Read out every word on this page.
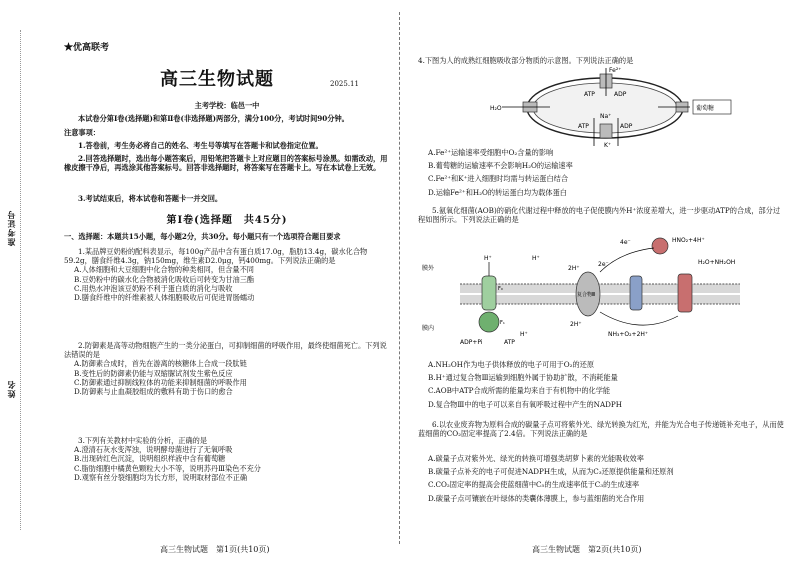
准考证号
姓名
★优高联考
高三生物试题	2025.11
主考学校：临邑一中
本试卷分第Ⅰ卷(选择题)和第Ⅱ卷(非选择题)两部分，满分100分，考试时间90分钟。
注意事项：
1.答卷前，考生务必将自己的姓名、考生号等填写在答题卡和试卷指定位置。
2.回答选择题时，选出每小题答案后，用铅笔把答题卡上对应题目的答案标号涂黑。如需改动，用橡皮擦干净后，再选涂其他答案标号。回答非选择题时，将答案写在答题卡上。写在本试卷上无效。
3.考试结束后，将本试卷和答题卡一并交回。
第Ⅰ卷(选择题　共45分)
一、选择题：本题共15小题，每小题2分，共30分。每小题只有一个选项符合题目要求

1.某品牌豆奶粉的配料表显示，每100g产品中含有蛋白质17.0g，脂肪13.4g，碳水化合物59.2g，膳食纤维4.3g，钠150mg，维生素D2.0μg，钙400mg。下列说法正确的是

A.人体细胞和大豆细胞中化合物的种类相同，但含量不同

B.豆奶粉中的碳水化合物被消化吸收后可转变为甘油三酯

C.用热水冲泡该豆奶粉不利于蛋白质的消化与吸收

D.膳食纤维中的纤维素被人体细胞吸收后可促进胃肠蠕动

2.防御素是高等动物细胞产生的一类分泌蛋白，可抑制细菌的呼吸作用，最终使细菌死亡。下列说法错误的是

A.防御素合成时，首先在游离的核糖体上合成一段肽链

B.变性后的防御素仍能与双缩脲试剂发生紫色反应

C.防御素通过抑制线粒体的功能来抑制细菌的呼吸作用

D.防御素与止血凝胶组成的敷料有助于伤口的愈合

3.下列有关教材中实验的分析，正确的是

A.澄清石灰水变浑浊，说明酵母菌进行了无氧呼吸

B.出现砖红色沉淀，说明组织样液中含有葡萄糖

C.脂肪细胞中橘黄色颗粒大小不等，说明苏丹Ⅲ染色不充分

D.观察有丝分裂细胞均为长方形，说明取材部位不正确

高三生物试题　第1页(共10页)
4.下图为人的成熟红细胞吸收部分物质的示意图。下列说法正确的是
Fe²⁺
H₂O
ATP	ADP
Na⁺
葡萄糖
ATP	ADP
K⁺

A.Fe²⁺运输速率受细胞中O₂含量的影响

B.葡萄糖的运输速率不会影响H₂O的运输速率

C.Fe²⁺和K⁺进入细胞时均需与转运蛋白结合

D.运输Fe²⁺和H₂O的转运蛋白均为载体蛋白

5.氨氧化细菌(AOB)的硝化代谢过程中释放的电子促使膜内外H⁺浓度差增大，进一步驱动ATP的合成，部分过程如图所示。下列说法正确的是
膜外
膜内
H⁺	H⁺
2H⁺
2e⁻
4e⁻	HNO₂+4H⁺
H₂O+NH₂OH
复合物Ⅲ
2H⁺
NH₃+O₂+2H⁺
H⁺
ADP+Pi	ATP
F₀
F₁

A.NH₂OH作为电子供体释放的电子可用于O₂的还原

B.H⁺通过复合物Ⅲ运输到细胞外属于协助扩散，不消耗能量

C.AOB中ATP合成所需的能量均来自于有机物中的化学能

D.复合物Ⅲ中的电子可以来自有氧呼吸过程中产生的NADPH

6.以农业废弃物为原料合成的碳量子点可将紫外光、绿光转换为红光，并能为光合电子传递链补充电子，从而使蓝细菌的CO₂固定率提高了2.4倍。下列说法正确的是

A.碳量子点对紫外光、绿光的转换可增强类胡萝卜素的光能吸收效率

B.碳量子点补充的电子可促进NADPH生成，从而为C₃还原提供能量和还原剂

C.CO₂固定率的提高会使蓝细菌中C₅的生成速率低于C₃的生成速率

D.碳量子点可镶嵌在叶绿体的类囊体薄膜上，参与蓝细菌的光合作用

高三生物试题　第2页(共10页)
